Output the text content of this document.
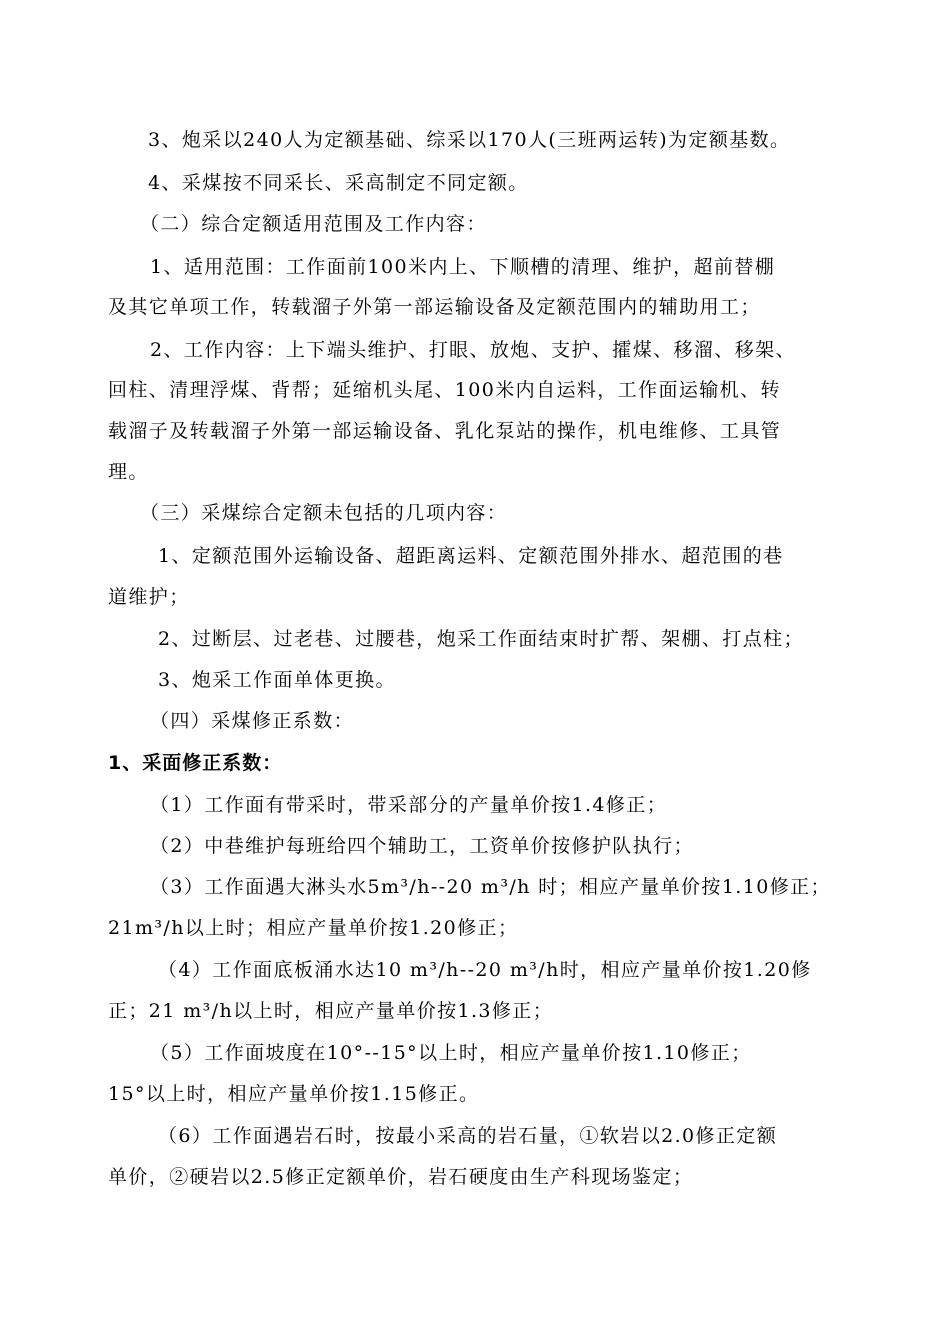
3、炮采以240人为定额基础、综采以170人(三班两运转)为定额基数。
4、采煤按不同采长、采高制定不同定额。
（二）综合定额适用范围及工作内容：
1、适用范围：工作面前100米内上、下顺槽的清理、维护，超前替棚
及其它单项工作，转载溜子外第一部运输设备及定额范围内的辅助用工；
2、工作内容：上下端头维护、打眼、放炮、支护、攉煤、移溜、移架、
回柱、清理浮煤、背帮；延缩机头尾、100米内自运料，工作面运输机、转
载溜子及转载溜子外第一部运输设备、乳化泵站的操作，机电维修、工具管
理。
（三）采煤综合定额未包括的几项内容：
1、定额范围外运输设备、超距离运料、定额范围外排水、超范围的巷
道维护；
2、过断层、过老巷、过腰巷，炮采工作面结束时扩帮、架棚、打点柱；
3、炮采工作面单体更换。
（四）采煤修正系数：
1、采面修正系数：
（1）工作面有带采时，带采部分的产量单价按1.4修正；
（2）中巷维护每班给四个辅助工，工资单价按修护队执行；
（3）工作面遇大淋头水5m³/h--20 m³/h 时；相应产量单价按1.10修正；
21m³/h以上时；相应产量单价按1.20修正；
（4）工作面底板涌水达10 m³/h--20 m³/h时，相应产量单价按1.20修
正；21 m³/h以上时，相应产量单价按1.3修正；
（5）工作面坡度在10°--15°以上时，相应产量单价按1.10修正；
15°以上时，相应产量单价按1.15修正。
（6）工作面遇岩石时，按最小采高的岩石量，①软岩以2.0修正定额
单价，②硬岩以2.5修正定额单价，岩石硬度由生产科现场鉴定；
